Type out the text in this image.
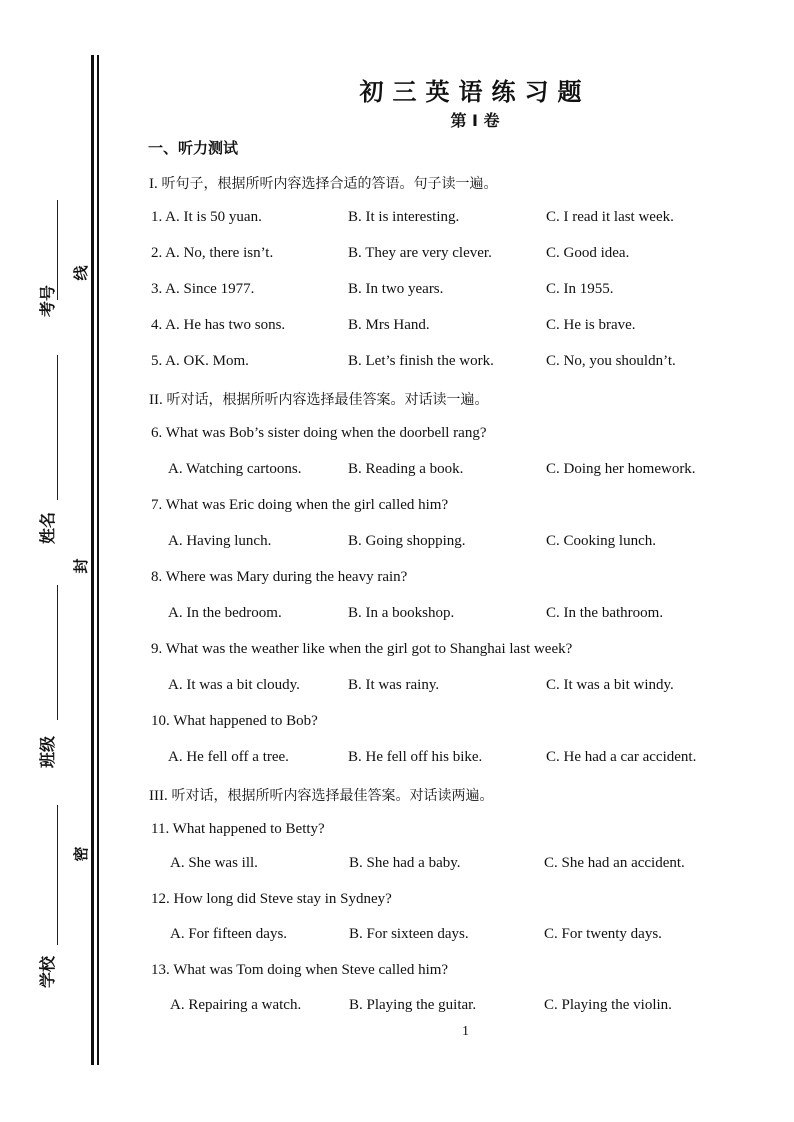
考号
姓名
班级
学校
线
封
密
初三英语练习题
第 I 卷
一、听力测试
I. 听句子，根据所听内容选择合适的答语。句子读一遍。
1. A. It is 50 yuan.	B. It is interesting.	C. I read it last week.
2. A. No, there isn’t.	B. They are very clever.	C. Good idea.
3. A. Since 1977.	B. In two years.	C. In 1955.
4. A. He has two sons.	B. Mrs Hand.	C. He is brave.
5. A. OK. Mom.	B. Let’s finish the work.	C. No, you shouldn’t.
II. 听对话，根据所听内容选择最佳答案。对话读一遍。
6. What was Bob’s sister doing when the doorbell rang?
A. Watching cartoons.	B. Reading a book.	C. Doing her homework.
7. What was Eric doing when the girl called him?
A. Having lunch.	B. Going shopping.	C. Cooking lunch.
8. Where was Mary during the heavy rain?
A. In the bedroom.	B. In a bookshop.	C. In the bathroom.
9. What was the weather like when the girl got to Shanghai last week?
A. It was a bit cloudy.	B. It was rainy.	C. It was a bit windy.
10. What happened to Bob?
A. He fell off a tree.	B. He fell off his bike.	C. He had a car accident.
III. 听对话，根据所听内容选择最佳答案。对话读两遍。
11. What happened to Betty?
A. She was ill.	B. She had a baby.	C. She had an accident.
12. How long did Steve stay in Sydney?
A. For fifteen days.	B. For sixteen days.	C. For twenty days.
13. What was Tom doing when Steve called him?
A. Repairing a watch.	B. Playing the guitar.	C. Playing the violin.
1
